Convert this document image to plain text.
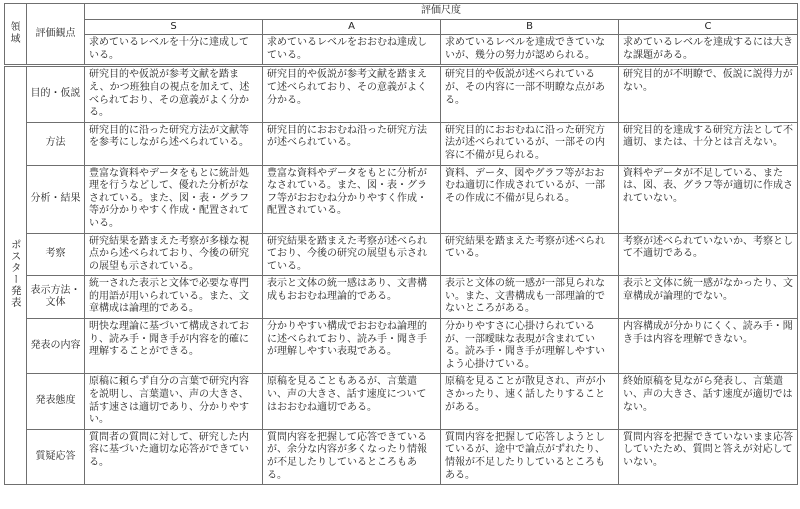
領域	評価観点	評価尺度			
		S	A	B	C
		求めているレベルを十分に達成している。	求めているレベルをおおむね達成している。	求めているレベルを達成できていないが、幾分の努力が認められる。	求めているレベルを達成するには大きな課題がある。
ポスター発表	目的・仮説	研究目的や仮説が参考文献を踏まえ、かつ班独自の視点を加えて、述べられており、その意義がよく分かる。	研究目的や仮説が参考文献を踏まえて述べられており、その意義がよく分かる。	研究目的や仮説が述べられているが、その内容に一部不明瞭な点がある。	研究目的が不明瞭で、仮説に説得力がない。
	方法	研究目的に沿った研究方法が文献等を参考にしながら述べられている。	研究目的におおむね沿った研究方法が述べられている。	研究目的におおむねに沿った研究方法が述べられているが、一部その内容に不備が見られる。	研究目的を達成する研究方法として不適切、または、十分とは言えない。
	分析・結果	豊富な資料やデータをもとに統計処理を行うなどして、優れた分析がなされている。また、図・表・グラフ等が分かりやすく作成・配置されている。	豊富な資料やデータをもとに分析がなされている。また、図・表・グラフ等がおおむね分かりやすく作成・配置されている。	資料、データ、図やグラフ等がおおむね適切に作成されているが、一部その作成に不備が見られる。	資料やデータが不足している、または、図、表、グラフ等が適切に作成されていない。
	考察	研究結果を踏まえた考察が多様な視点から述べられており、今後の研究の展望も示されている。	研究結果を踏まえた考察が述べられており、今後の研究の展望も示されている。	研究結果を踏まえた考察が述べられている。	考察が述べられていないか、考察として不適切である。
	表示方法・文体	統一された表示と文体で必要な専門的用語が用いられている。また、文章構成は論理的である。	表示と文体の統一感はあり、文書構成もおおむね理論的である。	表示と文体の統一感が一部見られない。また、文書構成も一部理論的でないところがある。	表示と文体に統一感がなかったり、文章構成が論理的でない。
	発表の内容	明快な理論に基づいて構成されており、読み手・聞き手が内容を的確に理解することができる。	分かりやすい構成でおおむね論理的に述べられており、読み手・聞き手が理解しやすい表現である。	分かりやすさに心掛けられているが、一部曖昧な表現が含まれている。読み手・聞き手が理解しやすいよう心掛けている。	内容構成が分かりにくく、読み手・聞き手は内容を理解できない。
	発表態度	原稿に頼らず自分の言葉で研究内容を説明し、言葉遣い、声の大きさ、話す速さは適切であり、分かりやすい。	原稿を見ることもあるが、言葉遣い、声の大きさ、話す速度についてはおおむね適切である。	原稿を見ることが散見され、声が小さかったり、速く話したりすることがある。	終始原稿を見ながら発表し、言葉遣い、声の大きさ、話す速度が適切ではない。
	質疑応答	質問者の質問に対して、研究した内容に基づいた適切な応答ができている。	質問内容を把握して応答できているが、余分な内容が多くなったり情報が不足したりしているところもある。	質問内容を把握して応答しようとしているが、途中で論点がずれたり、情報が不足したりしているところもある。	質問内容を把握できていないまま応答していたため、質問と答えが対応していない。
